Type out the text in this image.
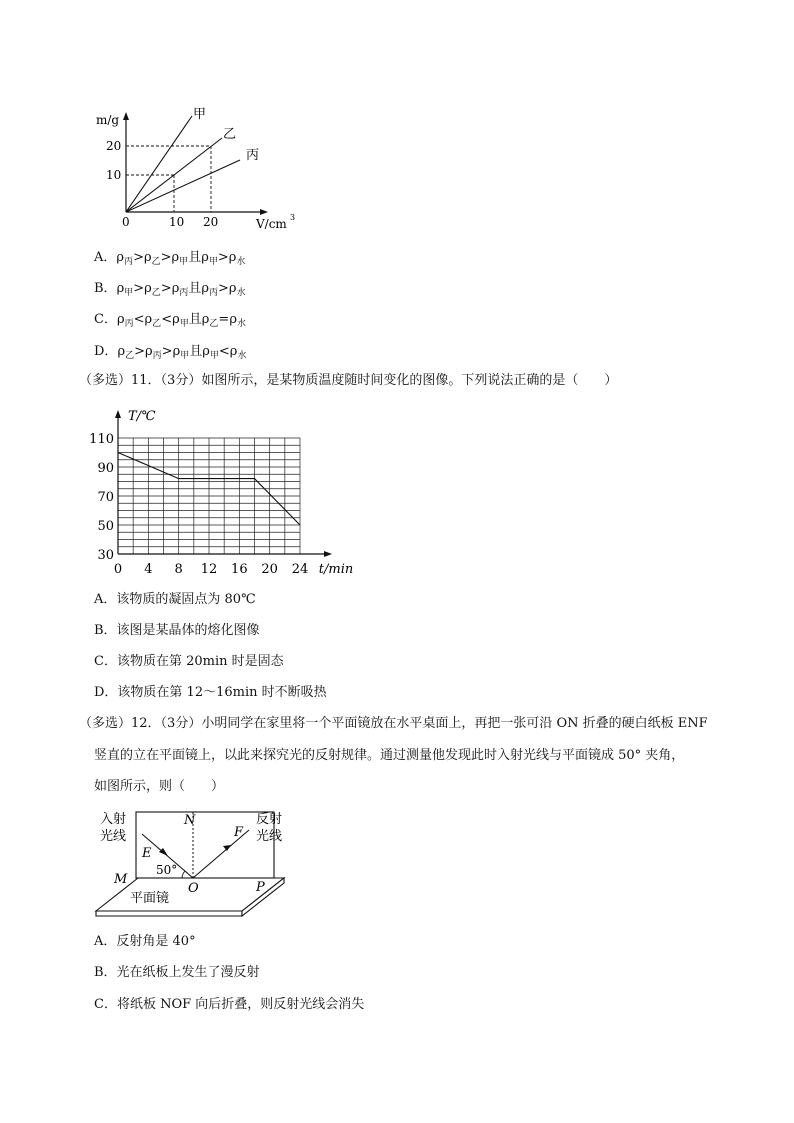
m/g
20
10
0	10 20	V/cm 3
甲
乙
丙
A．$\rho_丙>\rho_乙>\rho_甲$且$\rho_甲>\rho_水$
B．$\rho_甲>\rho_乙>\rho_丙$且$\rho_丙>\rho_水$
C．$\rho_丙<\rho_乙<\rho_甲$且$\rho_乙=\rho_水$
D．$\rho_乙>\rho_丙>\rho_甲$且$\rho_甲<\rho_水$
（多选）11．（3分）如图所示，是某物质温度随时间变化的图像。下列说法正确的是（　　）
30
50
70
90
110
0 4 8 12 16 20 24 t/min
T/℃
A．该物质的凝固点为 80℃
B．该图是某晶体的熔化图像
C．该物质在第 20min 时是固态
D．该物质在第 12～16min 时不断吸热
（多选）12．（3分）小明同学在家里将一个平面镜放在水平桌面上，再把一张可沿 ON 折叠的硬白纸板 ENF
竖直的立在平面镜上，以此来探究光的反射规律。通过测量他发现此时入射光线与平面镜成 50° 夹角，
如图所示，则（　　）
入射
光线
反射
光线
E
N
F
M
O	P
50°
平面镜
A．反射角是 40°
B．光在纸板上发生了漫反射
C．将纸板 NOF 向后折叠，则反射光线会消失
